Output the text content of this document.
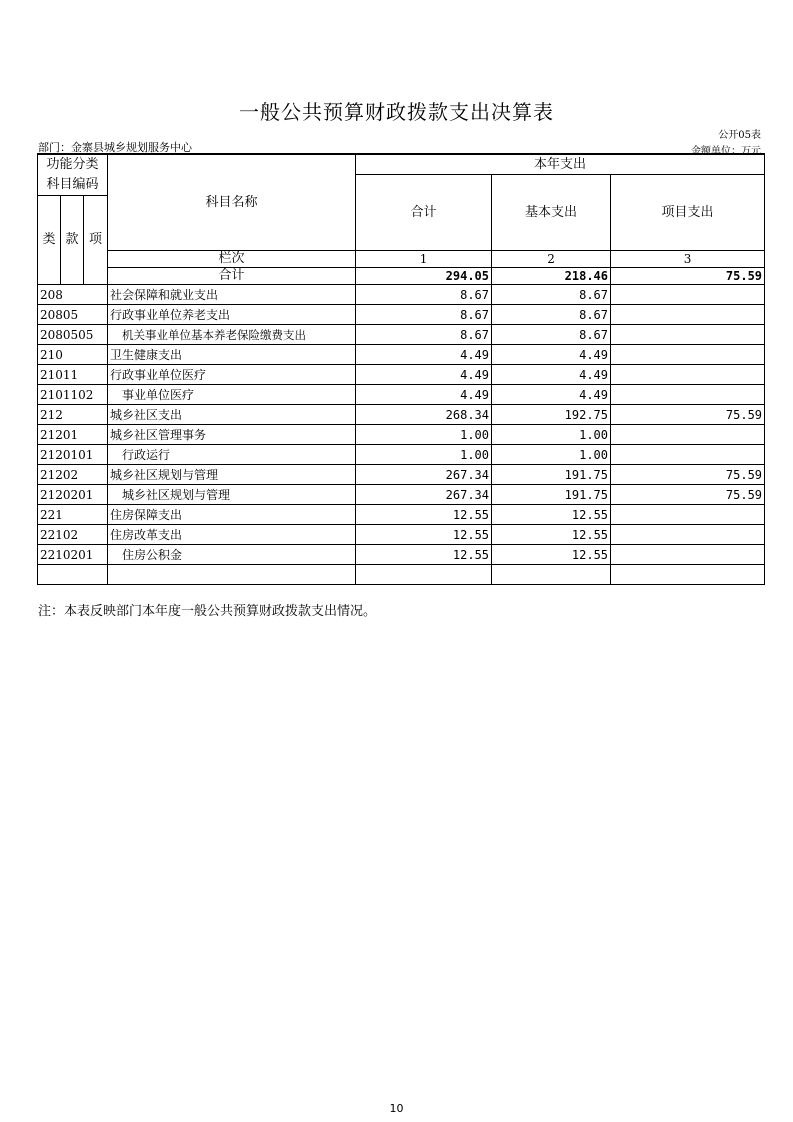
一般公共预算财政拨款支出决算表
公开05表
部门：金寨县城乡规划服务中心	金额单位：万元
功能分类
科目编码			科目名称	本年支出		
				合计	基本支出	项目支出

类	款	项				
			栏次	1	2	3
			合计	294.05	218.46	75.59
208			社会保障和就业支出	8.67	8.67	
20805			行政事业单位养老支出	8.67	8.67	
2080505			机关事业单位基本养老保险缴费支出	8.67	8.67	
210			卫生健康支出	4.49	4.49	
21011			行政事业单位医疗	4.49	4.49	
2101102			事业单位医疗	4.49	4.49	
212			城乡社区支出	268.34	192.75	75.59
21201			城乡社区管理事务	1.00	1.00	
2120101			行政运行	1.00	1.00	
21202			城乡社区规划与管理	267.34	191.75	75.59
2120201			城乡社区规划与管理	267.34	191.75	75.59
221			住房保障支出	12.55	12.55	
22102			住房改革支出	12.55	12.55	
2210201			住房公积金	12.55	12.55	

注：本表反映部门本年度一般公共预算财政拨款支出情况。
10
